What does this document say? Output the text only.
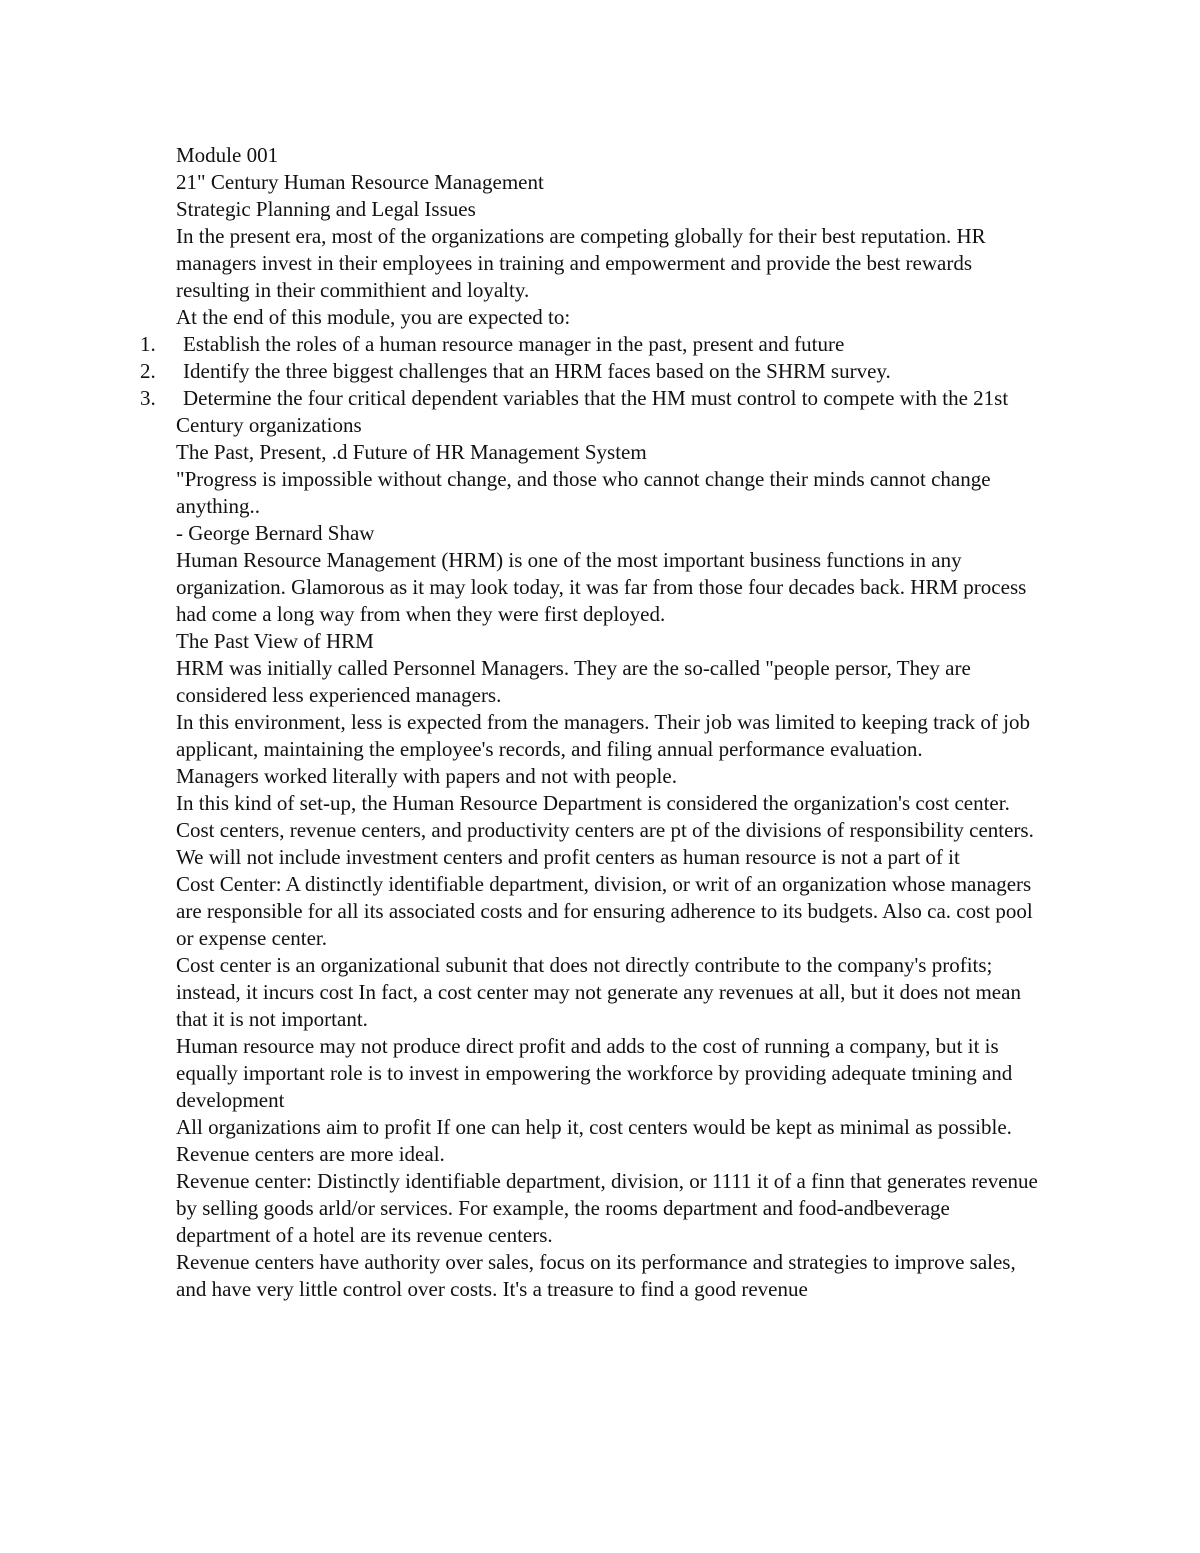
Module 001

21" Century Human Resource Management

Strategic Planning and Legal Issues

In the present era, most of the organizations are competing globally for their best reputation. HR managers invest in their employees in training and empowerment and provide the best rewards resulting in their commithient and loyalty.

At the end of this module, you are expected to:

1. Establish the roles of a human resource manager in the past, present and future
2. Identify the three biggest challenges that an HRM faces based on the SHRM survey.
3. Determine the four critical dependent variables that the HM must control to compete with the 21st Century organizations

The Past, Present, .d Future of HR Management System

"Progress is impossible without change, and those who cannot change their minds cannot change anything..

- George Bernard Shaw

Human Resource Management (HRM) is one of the most important business functions in any organization. Glamorous as it may look today, it was far from those four decades back. HRM process had come a long way from when they were first deployed.

The Past View of HRM

HRM was initially called Personnel Managers. They are the so-called "people persor, They are considered less experienced managers.

In this environment, less is expected from the managers. Their job was limited to keeping track of job applicant, maintaining the employee's records, and filing annual performance evaluation.

Managers worked literally with papers and not with people.

In this kind of set-up, the Human Resource Department is considered the organization's cost center.

Cost centers, revenue centers, and productivity centers are pt of the divisions of responsibility centers. We will not include investment centers and profit centers as human resource is not a part of it

Cost Center: A distinctly identifiable department, division, or writ of an organization whose managers are responsible for all its associated costs and for ensuring adherence to its budgets. Also ca. cost pool or expense center.

Cost center is an organizational subunit that does not directly contribute to the company's profits; instead, it incurs cost In fact, a cost center may not generate any revenues at all, but it does not mean that it is not important.

Human resource may not produce direct profit and adds to the cost of running a company, but it is equally important role is to invest in empowering the workforce by providing adequate tmining and development

All organizations aim to profit If one can help it, cost centers would be kept as minimal as possible. Revenue centers are more ideal.

Revenue center: Distinctly identifiable department, division, or 1111 it of a finn that generates revenue by selling goods arld/or services. For example, the rooms department and food-andbeverage department of a hotel are its revenue centers.

Revenue centers have authority over sales, focus on its performance and strategies to improve sales, and have very little control over costs. It's a treasure to find a good revenue
